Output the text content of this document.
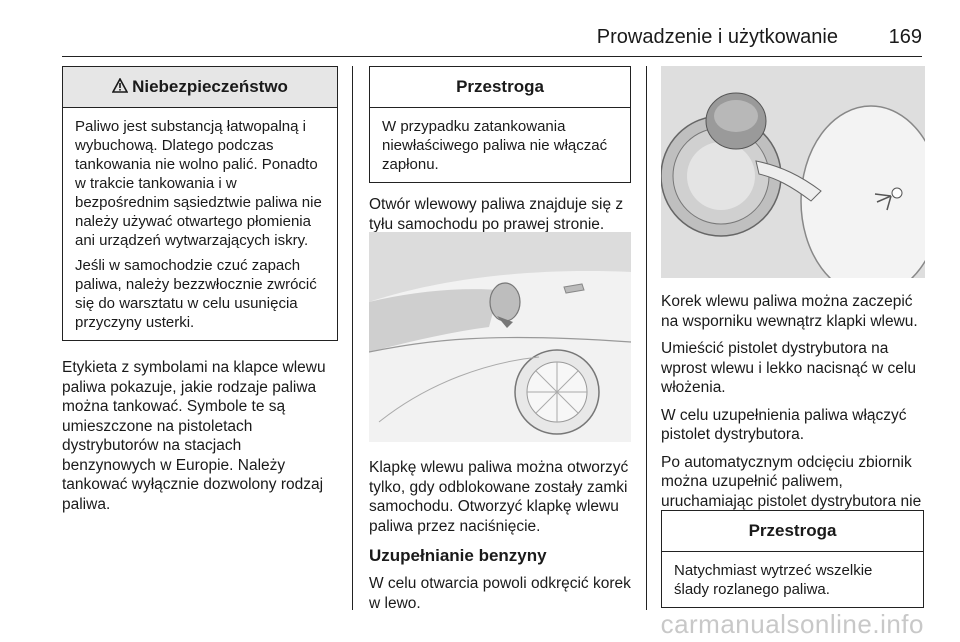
Prowadzenie i użytkowanie	169
Niebezpieczeństwo

Paliwo jest substancją łatwopalną i wybuchową. Dlatego podczas tankowania nie wolno palić. Ponadto w trakcie tankowania i w bezpośrednim sąsiedztwie paliwa nie należy używać otwartego płomienia ani urządzeń wytwarzających iskry.

Jeśli w samochodzie czuć zapach paliwa, należy bezzwłocznie zwrócić się do warsztatu w celu usunięcia przyczyny usterki.

Etykieta z symbolami na klapce wlewu paliwa pokazuje, jakie rodzaje paliwa można tankować. Symbole te są umieszczone na pistoletach dystrybutorów na stacjach benzynowych w Europie. Należy tankować wyłącznie dozwolony rodzaj paliwa.

Przestroga

W przypadku zatankowania niewłaściwego paliwa nie włączać zapłonu.

Otwór wlewowy paliwa znajduje się z tyłu samochodu po prawej stronie.

Klapkę wlewu paliwa można otworzyć tylko, gdy odblokowane zostały zamki samochodu. Otworzyć klapkę wlewu paliwa przez naciśnięcie.

Uzupełnianie benzyny

W celu otwarcia powoli odkręcić korek w lewo.

Korek wlewu paliwa można zaczepić na wsporniku wewnątrz klapki wlewu.

Umieścić pistolet dystrybutora na wprost wlewu i lekko nacisnąć w celu włożenia.

W celu uzupełnienia paliwa włączyć pistolet dystrybutora.

Po automatycznym odcięciu zbiornik można uzupełnić paliwem, uruchamiając pistolet dystrybutora nie

Przestroga

Natychmiast wytrzeć wszelkie ślady rozlanego paliwa.

carmanualsonline.info
